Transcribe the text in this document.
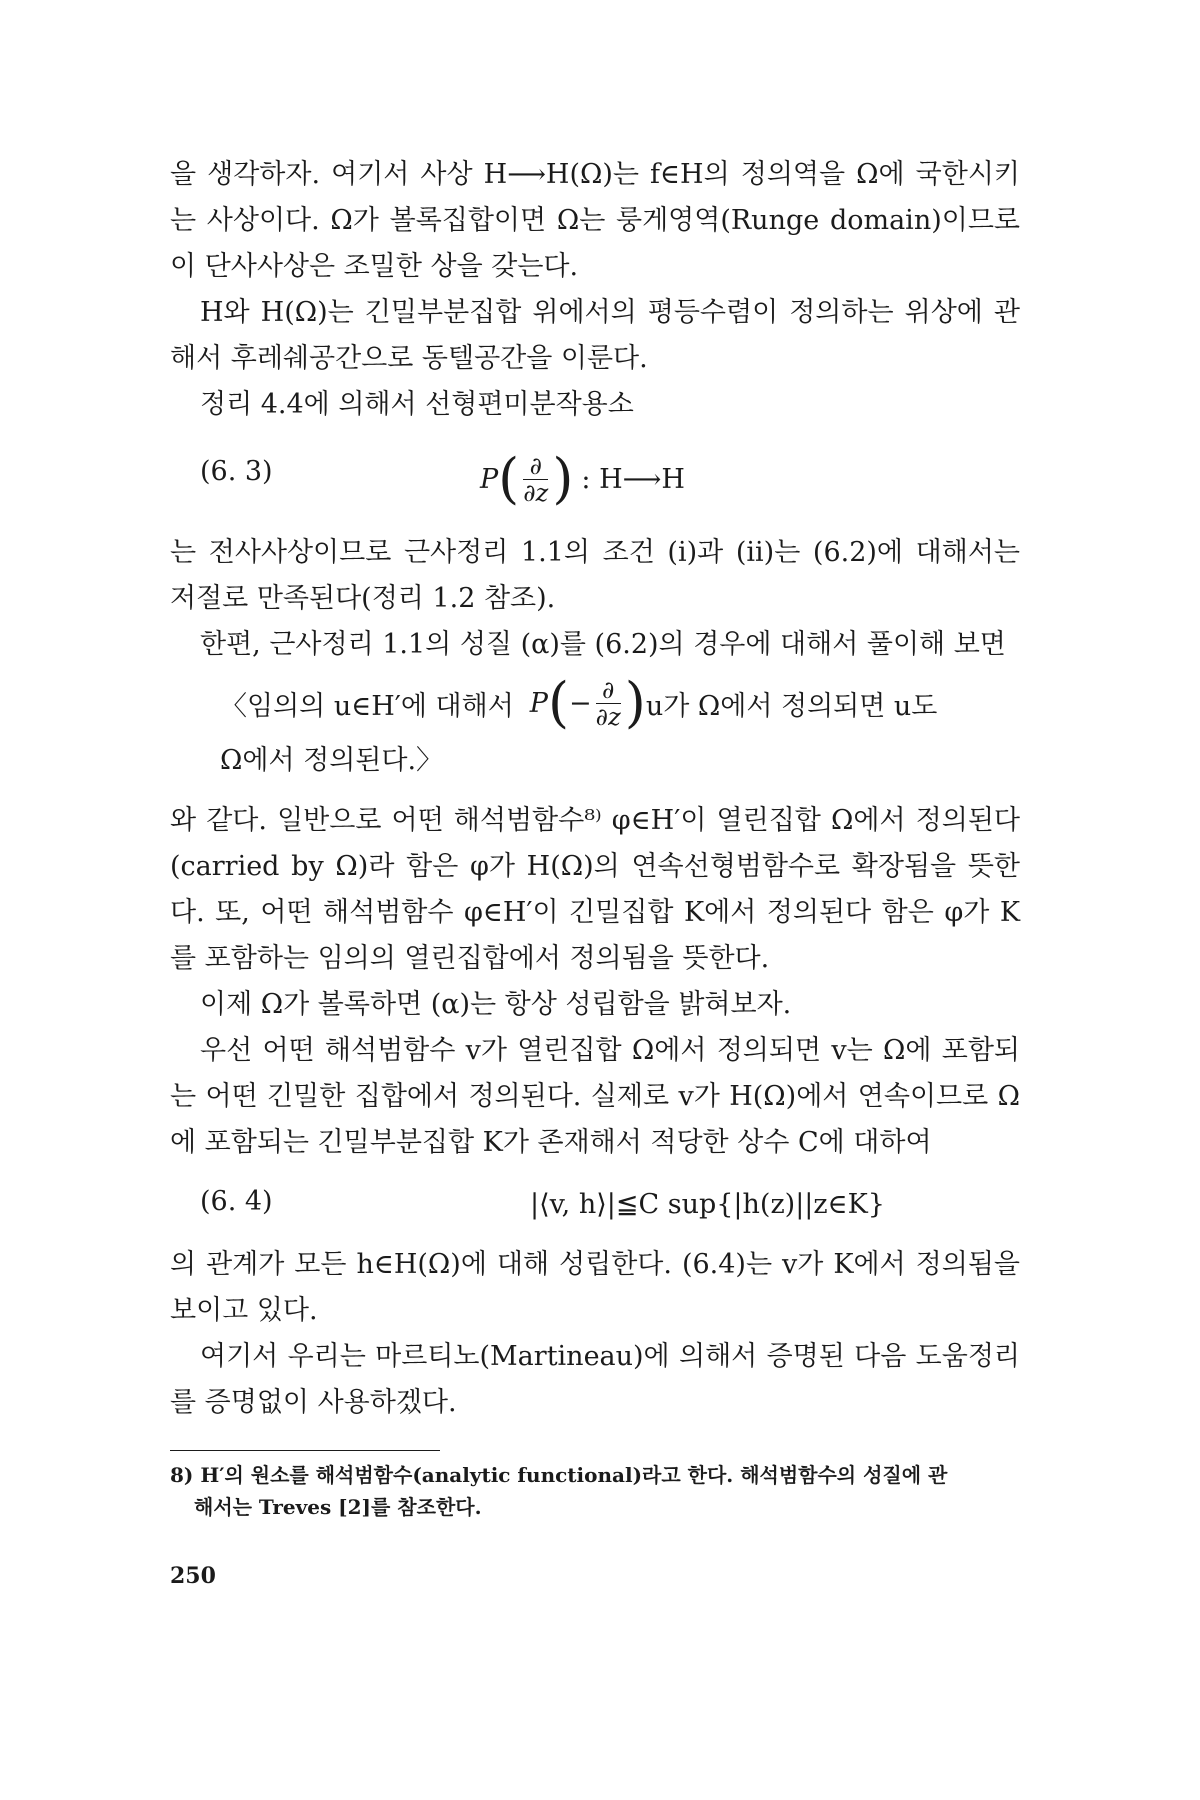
을 생각하자. 여기서 사상 H⟶H(Ω)는 f∈H의 정의역을 Ω에 국한시키는 사상이다. Ω가 볼록집합이면 Ω는 룽게영역(Runge domain)이므로 이 단사사상은 조밀한 상을 갖는다.

H와 H(Ω)는 긴밀부분집합 위에서의 평등수렴이 정의하는 위상에 관해서 후레쉐공간으로 동텔공간을 이룬다.

정리 4.4에 의해서 선형편미분작용소

(6. 3)	P ( $\frac{\partial}{\partial z}$ ) : H⟶H

는 전사사상이므로 근사정리 1.1의 조건 (i)과 (ii)는 (6.2)에 대해서는 저절로 만족된다(정리 1.2 참조).

한편, 근사정리 1.1의 성질 (α)를 (6.2)의 경우에 대해서 풀이해 보면

〈임의의 u∈H′에 대해서 P ( − $\frac{\partial}{\partial z}$ ) u가 Ω에서 정의되면 u도

Ω에서 정의된다.〉

와 같다. 일반으로 어떤 해석범함수⁸⁾ φ∈H′이 열린집합 Ω에서 정의된다(carried by Ω)라 함은 φ가 H(Ω)의 연속선형범함수로 확장됨을 뜻한다. 또, 어떤 해석범함수 φ∈H′이 긴밀집합 K에서 정의된다 함은 φ가 K를 포함하는 임의의 열린집합에서 정의됨을 뜻한다.

이제 Ω가 볼록하면 (α)는 항상 성립함을 밝혀보자.

우선 어떤 해석범함수 v가 열린집합 Ω에서 정의되면 v는 Ω에 포함되는 어떤 긴밀한 집합에서 정의된다. 실제로 v가 H(Ω)에서 연속이므로 Ω에 포함되는 긴밀부분집합 K가 존재해서 적당한 상수 C에 대하여

(6. 4)	|⟨v, h⟩|≦C sup{|h(z)||z∈K}

의 관계가 모든 h∈H(Ω)에 대해 성립한다. (6.4)는 v가 K에서 정의됨을 보이고 있다.

여기서 우리는 마르티노(Martineau)에 의해서 증명된 다음 도움정리를 증명없이 사용하겠다.

8) H′의 원소를 해석범함수(analytic functional)라고 한다. 해석범함수의 성질에 관
해서는 Treves [2]를 참조한다.
250
